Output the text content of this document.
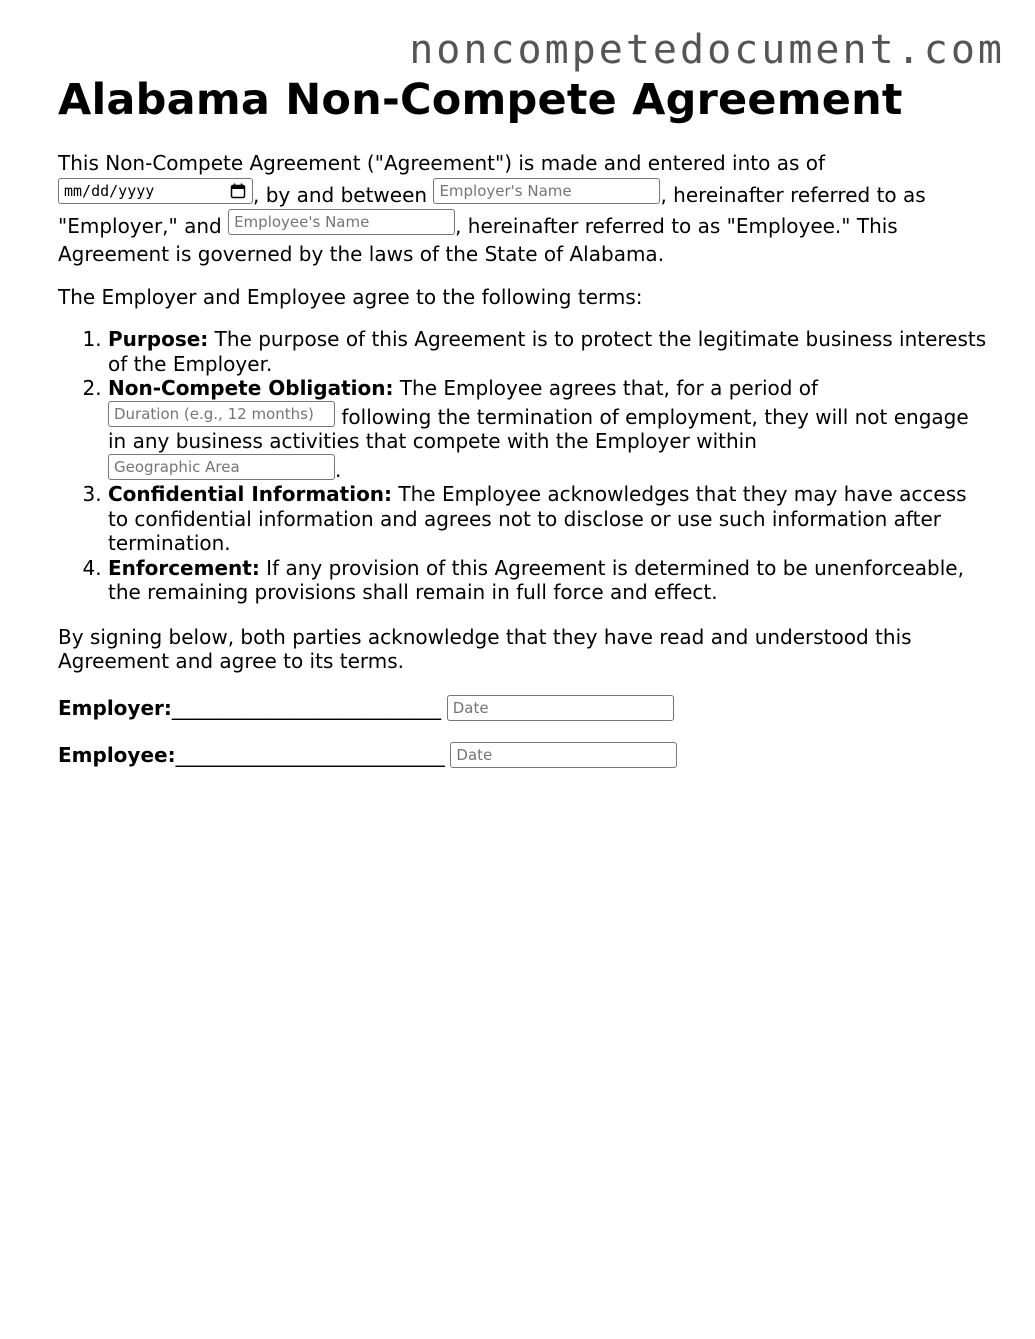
noncompetedocument.com
Alabama Non-Compete Agreement

This Non-Compete Agreement ("Agreement") is made and entered into as of mm/dd/yyyy	, by and between Employer's Name	, hereinafter referred to as "Employer," and Employee's Name	, hereinafter referred to as "Employee." This Agreement is governed by the laws of the State of Alabama.

The Employer and Employee agree to the following terms:

1. Purpose: The purpose of this Agreement is to protect the legitimate business interests of the Employer.
2. Non-Compete Obligation: The Employee agrees that, for a period of Duration (e.g., 12 months) following the termination of employment, they will not engage in any business activities that compete with the Employer within Geographic Area	.
3. Confidential Information: The Employee acknowledges that they may have access to confidential information and agrees not to disclose or use such information after termination.
4. Enforcement: If any provision of this Agreement is determined to be unenforceable, the remaining provisions shall remain in full force and effect.

By signing below, both parties acknowledge that they have read and understood this Agreement and agree to its terms.

Employer: ____________________________ Date
Employee: ____________________________ Date
